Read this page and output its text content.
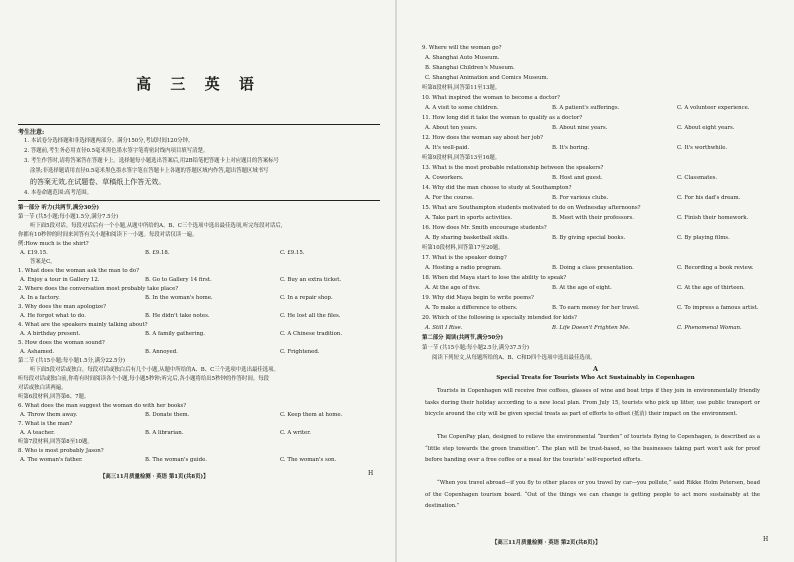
高 三 英 语
考生注意:
1. 本试卷分选择题和非选择题两部分。满分150分,考试时间120分钟。
2. 答题前,考生务必用直径0.5毫米黑色墨水签字笔将密封线内项目填写清楚。
3. 考生作答时,请将答案答在答题卡上。选择题每小题选出答案后,用2B铅笔把答题卡上对应题目的答案标号
涂黑;非选择题请用直径0.5毫米黑色墨水签字笔在答题卡上各题的答题区域内作答,超出答题区域书写
的答案无效,在试题卷、草稿纸上作答无效。
4. 本卷命题范围:高考范围。
第一部分 听力(共两节,满分30分)
第一节 (共5小题;每小题1.5分,满分7.5分)
听下面5段对话。每段对话后有一个小题,从题中所给的A、B、C三个选项中选出最佳选项,听完每段对话后,
你都有10秒钟的时间来回答有关小题和阅读下一小题。每段对话仅读一遍。
例:How much is the shirt?
A. £19.15.	B. £9.18.	C. £9.15.
答案是C。
1. What does the woman ask the man to do?
A. Enjoy a tour in Gallery 12.	B. Go to Gallery 14 first.	C. Buy an extra ticket.
2. Where does the conversation most probably take place?
A. In a factory.	B. In the woman's home.	C. In a repair shop.
3. Why does the man apologize?
A. He forgot what to do.	B. He didn't take notes.	C. He lost all the files.
4. What are the speakers mainly talking about?
A. A birthday present.	B. A family gathering.	C. A Chinese tradition.
5. How does the woman sound?
A. Ashamed.	B. Annoyed.	C. Frightened.
第二节 (共15小题;每小题1.5分,满分22.5分)
听下面5段对话或独白。每段对话或独白后有几个小题,从题中所给的A、B、C三个选项中选出最佳选项。
听每段对话或独白前,你将有时间阅读各个小题,每小题5秒钟;听完后,各小题将给出5秒钟的作答时间。每段
对话或独白读两遍。
听第6段材料,回答第6、7题。
6. What does the man suggest the woman do with her books?
A. Throw them away.	B. Donate them.	C. Keep them at home.
7. What is the man?
A. A teacher.	B. A librarian.	C. A writer.
听第7段材料,回答第8至10题。
8. Who is most probably Jason?
A. The woman's father.	B. The woman's guide.	C. The woman's son.
【高三11月质量检测 · 英语 第1页(共8页)】	H
9. Where will the woman go?
A. Shanghai Auto Museum.
B. Shanghai Children's Museum.
C. Shanghai Animation and Comics Museum.
听第8段材料,回答第11至13题。
10. What inspired the woman to become a doctor?
A. A visit to some children.	B. A patient's sufferings.	C. A volunteer experience.
11. How long did it take the woman to qualify as a doctor?
A. About ten years.	B. About nine years.	C. About eight years.
12. How does the woman say about her job?
A. It's well-paid.	B. It's boring.	C. It's worthwhile.
听第9段材料,回答第13至16题。
13. What is the most probable relationship between the speakers?
A. Coworkers.	B. Host and guest.	C. Classmates.
14. Why did the man choose to study at Southampton?
A. For the course.	B. For various clubs.	C. For his dad's dream.
15. What are Southampton students motivated to do on Wednesday afternoons?
A. Take part in sports activities.	B. Meet with their professors.	C. Finish their homework.
16. How does Mr. Smith encourage students?
A. By sharing basketball skills.	B. By giving special books.	C. By playing films.
听第10段材料,回答第17至20题。
17. What is the speaker doing?
A. Hosting a radio program.	B. Doing a class presentation.	C. Recording a book review.
18. When did Maya start to lose the ability to speak?
A. At the age of five.	B. At the age of eight.	C. At the age of thirteen.
19. Why did Maya begin to write poems?
A. To make a difference to others.	B. To earn money for her travel.	C. To impress a famous artist.
20. Which of the following is specially intended for kids?
A. Still I Rise.	B. Life Doesn't Frighten Me.	C. Phenomenal Woman.
第二部分 阅读(共两节,满分50分)
第一节 (共15小题;每小题2.5分,满分37.5分)
阅读下列短文,从每题所给的A、B、C和D四个选项中选出最佳选项。
A
Special Treats for Tourists Who Act Sustainably in Copenhagen
Tourists in Copenhagen will receive free coffees, glasses of wine and boat trips if they join in environmentally friendly tasks during their holiday according to a new local plan. From July 15, tourists who pick up litter, use public transport or bicycle around the city will be given special treats as part of efforts to offset (抵消) their impact on the environment.
The CopenPay plan, designed to relieve the environmental “burden” of tourists flying to Copenhagen, is described as a “little step towards the green transition”. The plan will be trust-based, so the businesses taking part won't ask for proof before handing over a free coffee or a meal for the tourists' self-reported efforts.
“When you travel abroad—if you fly to other places or you travel by car—you pollute,” said Rikke Holm Petersen, head of the Copenhagen tourism board. “Out of the things we can change is getting people to act more sustainably at the destination.”
【高三11月质量检测 · 英语 第2页(共8页)】	H
